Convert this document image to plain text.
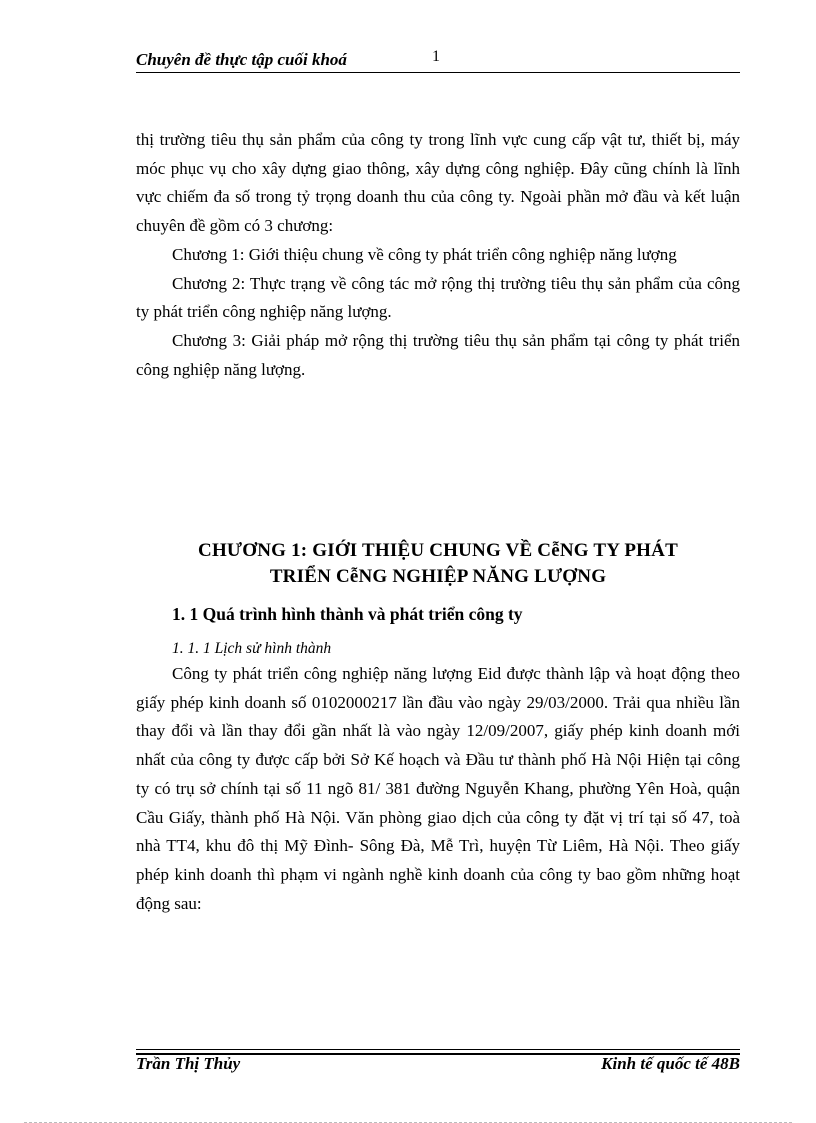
Chuyên đề thực tập cuối khoá	1

thị trường tiêu thụ sản phẩm của công ty trong lĩnh vực cung cấp vật tư, thiết bị, máy móc phục vụ cho xây dựng giao thông, xây dựng công nghiệp. Đây cũng chính là lĩnh vực chiếm đa số trong tỷ trọng doanh thu của công ty. Ngoài phần mở đầu và kết luận chuyên đề gồm có 3 chương:

Chương 1: Giới thiệu chung về công ty phát triển công nghiệp năng lượng

Chương 2: Thực trạng về công tác mở rộng thị trường tiêu thụ sản phẩm của công ty phát triển công nghiệp năng lượng.

Chương 3: Giải pháp mở rộng thị trường tiêu thụ sản phẩm tại công ty phát triển công nghiệp năng lượng.

CHƯƠNG 1: GIỚI THIỆU CHUNG VỀ CễNG TY PHÁT
TRIỂN CễNG NGHIỆP NĂNG LƯỢNG
1. 1 Quá trình hình thành và phát triển công ty
1. 1. 1 Lịch sử hình thành

Công ty phát triển công nghiệp năng lượng Eid được thành lập và hoạt động theo giấy phép kinh doanh số 0102000217 lần đầu vào ngày 29/03/2000. Trải qua nhiều lần thay đổi và lần thay đổi gần nhất là vào ngày 12/09/2007, giấy phép kinh doanh mới nhất của công ty được cấp bởi Sở Kế hoạch và Đầu tư thành phố Hà Nội Hiện tại công ty có trụ sở chính tại số 11 ngõ 81/ 381 đường Nguyễn Khang, phường Yên Hoà, quận Cầu Giấy, thành phố Hà Nội. Văn phòng giao dịch của công ty đặt vị trí tại số 47, toà nhà TT4, khu đô thị Mỹ Đình- Sông Đà, Mễ Trì, huyện Từ Liêm, Hà Nội. Theo giấy phép kinh doanh thì phạm vi ngành nghề kinh doanh của công ty bao gồm những hoạt động sau:

Trần Thị Thủy	Kinh tế quốc tế 48B
